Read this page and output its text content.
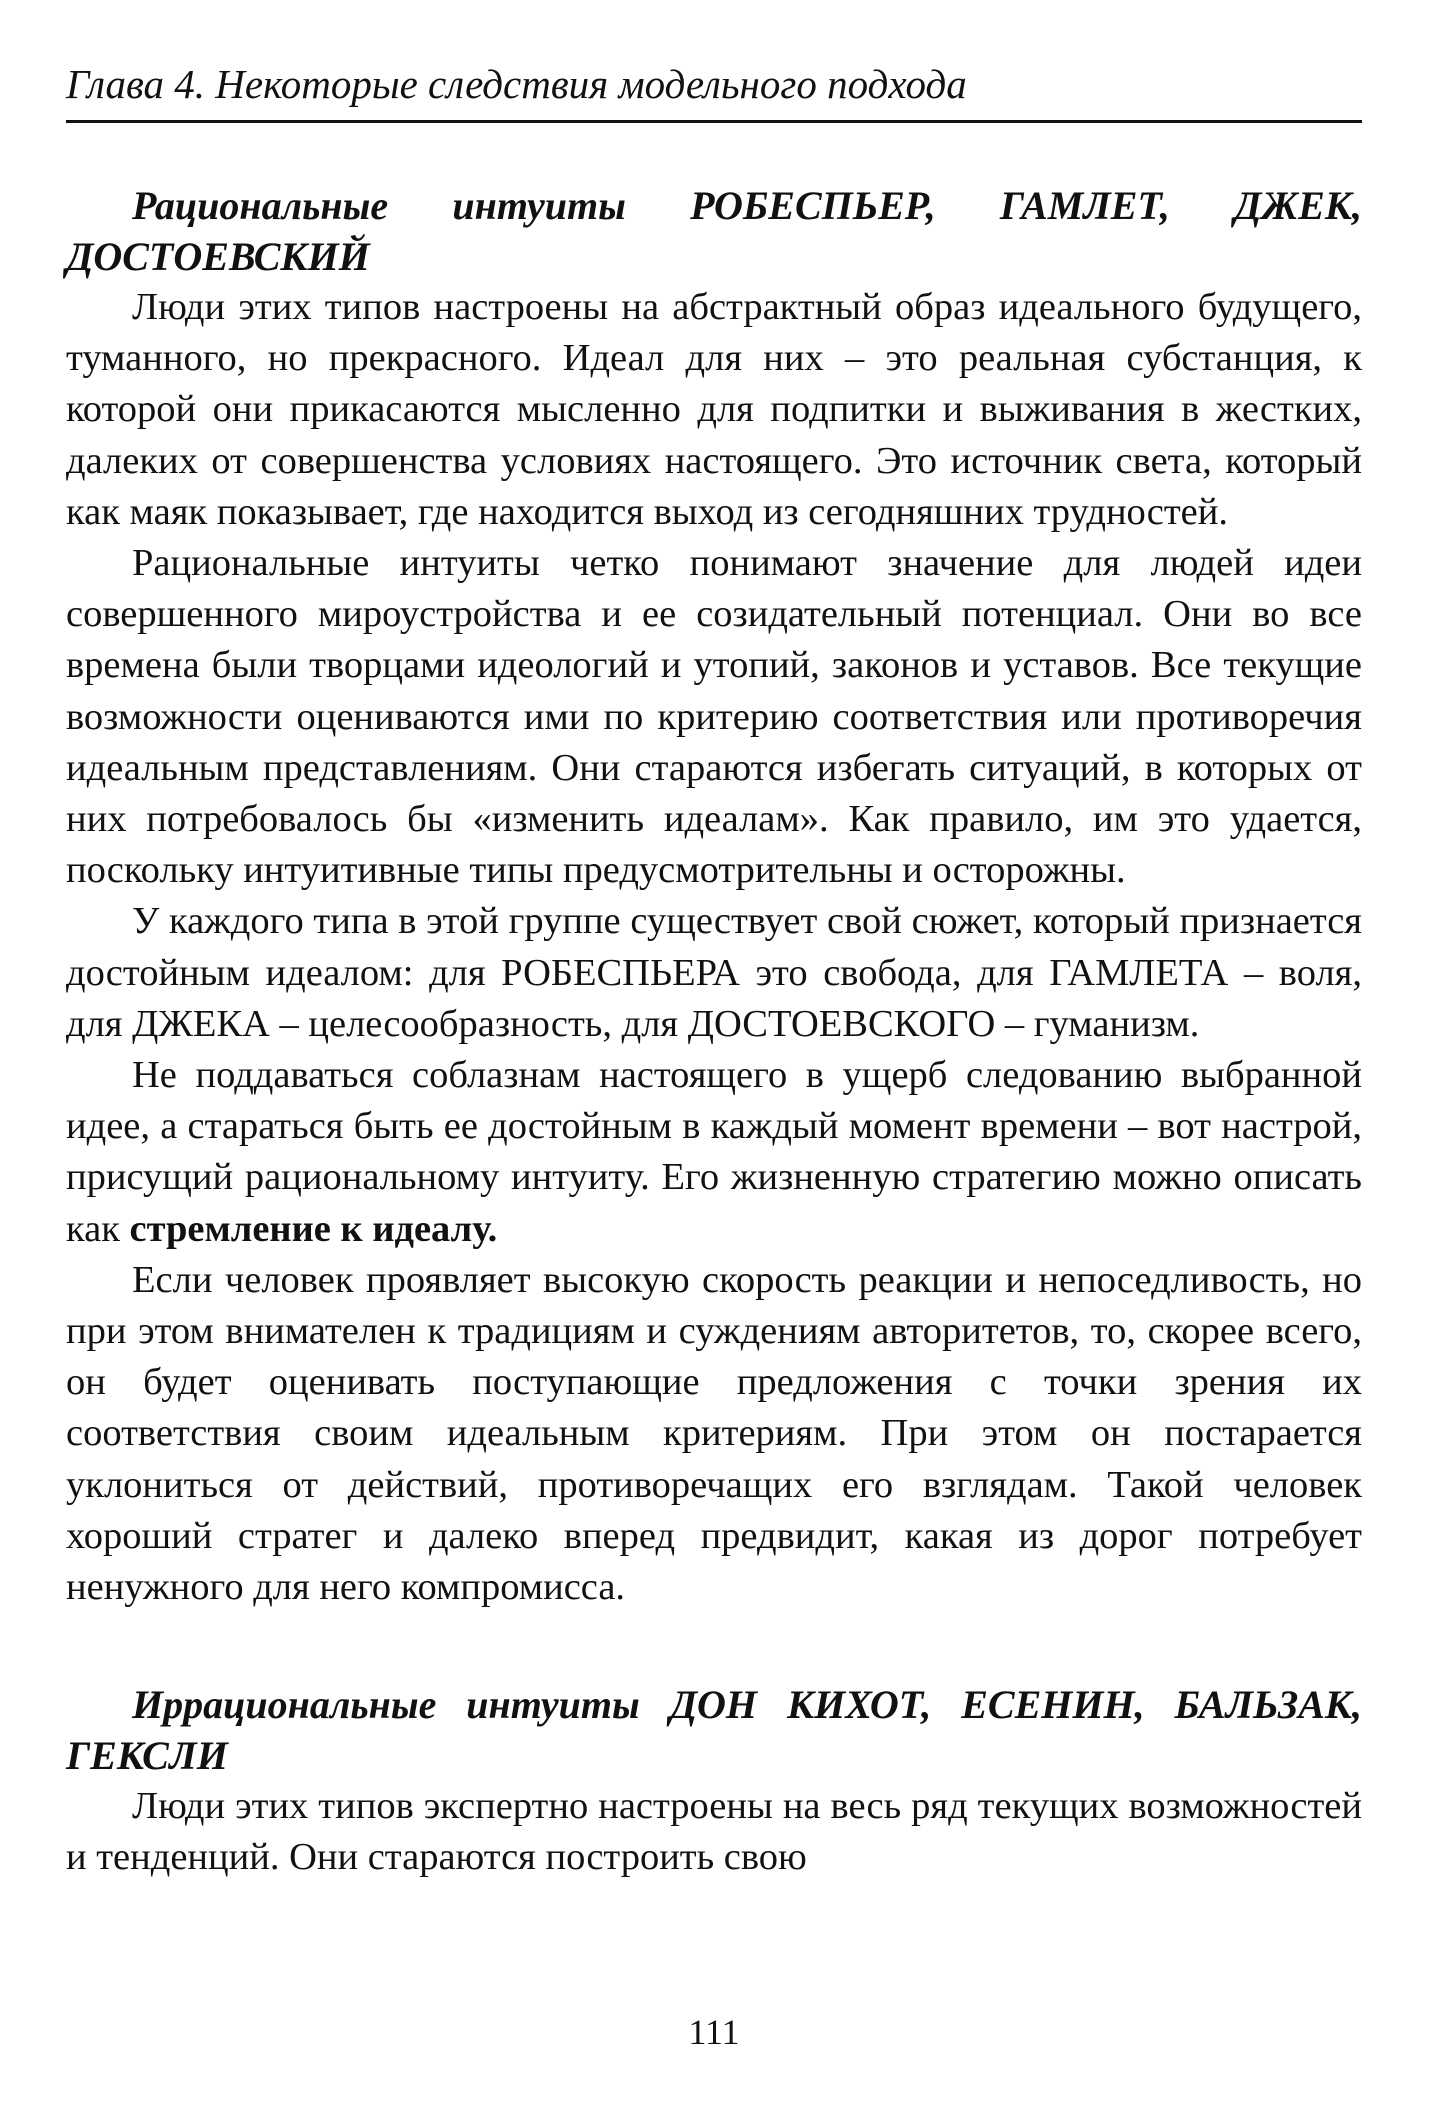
Глава 4. Некоторые следствия модельного подхода
Рациональные интуиты РОБЕСПЬЕР, ГАМЛЕТ, ДЖЕК, ДОСТОЕВСКИЙ

Люди этих типов настроены на абстрактный образ идеального будущего, туманного, но прекрасного. Идеал для них – это реальная субстанция, к которой они прикасаются мысленно для подпитки и выживания в жестких, далеких от совершенства условиях настоящего. Это источник света, который как маяк показывает, где находится выход из сегодняшних трудностей.

Рациональные интуиты четко понимают значение для людей идеи совершенного мироустройства и ее созидательный потенциал. Они во все времена были творцами идеологий и утопий, законов и уставов. Все текущие возможности оцениваются ими по критерию соответствия или противоречия идеальным представлениям. Они стараются избегать ситуаций, в которых от них потребовалось бы «изменить идеалам». Как правило, им это удается, поскольку интуитивные типы предусмотрительны и осторожны.

У каждого типа в этой группе существует свой сюжет, который признается достойным идеалом: для РОБЕСПЬЕРА это свобода, для ГАМЛЕТА – воля, для ДЖЕКА – целесообразность, для ДОСТОЕВСКОГО – гуманизм.

Не поддаваться соблазнам настоящего в ущерб следованию выбранной идее, а стараться быть ее достойным в каждый момент времени – вот настрой, присущий рациональному интуиту. Его жизненную стратегию можно описать как стремление к идеалу.

Если человек проявляет высокую скорость реакции и непоседливость, но при этом внимателен к традициям и суждениям авторитетов, то, скорее всего, он будет оценивать поступающие предложения с точки зрения их соответствия своим идеальным критериям. При этом он постарается уклониться от действий, противоречащих его взглядам. Такой человек хороший стратег и далеко вперед предвидит, какая из дорог потребует ненужного для него компромисса.

Иррациональные интуиты ДОН КИХОТ, ЕСЕНИН, БАЛЬЗАК, ГЕКСЛИ

Люди этих типов экспертно настроены на весь ряд текущих возможностей и тенденций. Они стараются построить свою

111
